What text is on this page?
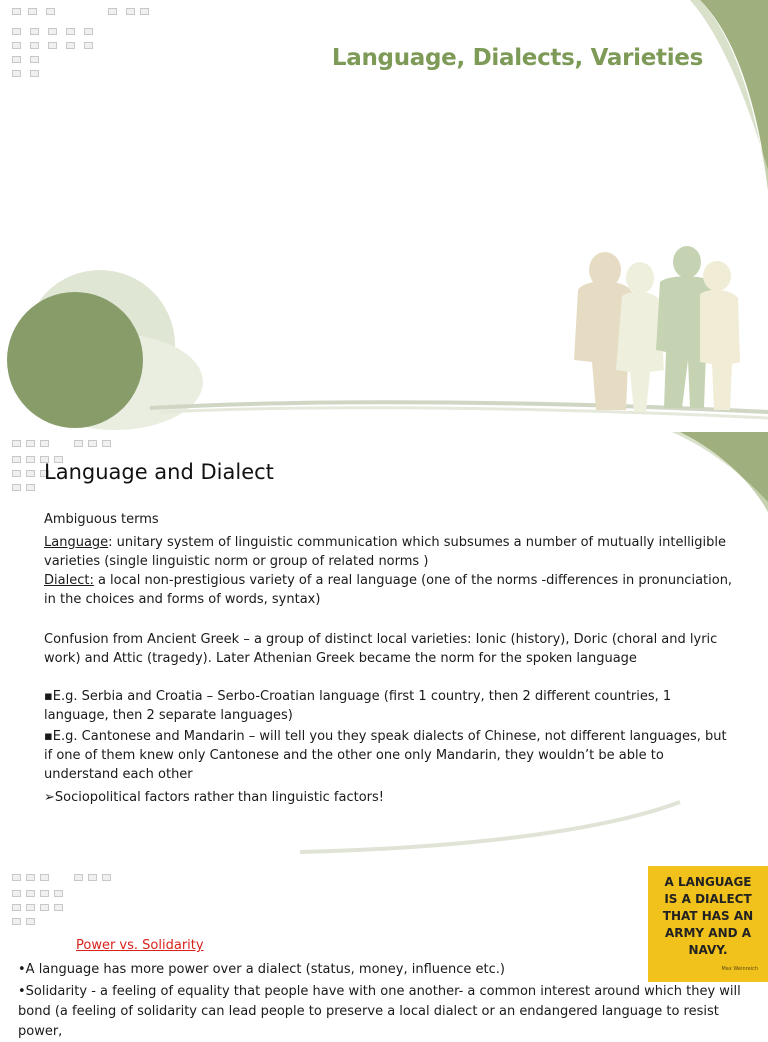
Language, Dialects, Varieties
Language and Dialect

Ambiguous terms

Language: unitary system of linguistic communication which subsumes a number of mutually intelligible varieties (single linguistic norm or group of related norms )

Dialect: a local non-prestigious variety of a real language (one of the norms -differences in pronunciation, in the choices and forms of words, syntax)

Confusion from Ancient Greek – a group of distinct local varieties: Ionic (history), Doric (choral and lyric work) and Attic (tragedy). Later Athenian Greek became the norm for the spoken language

▪E.g. Serbia and Croatia – Serbo-Croatian language (first 1 country, then 2 different countries, 1 language, then 2 separate languages)

▪E.g. Cantonese and Mandarin – will tell you they speak dialects of Chinese, not different languages, but if one of them knew only Cantonese and the other one only Mandarin, they wouldn’t be able to understand each other

➢Sociopolitical factors rather than linguistic factors!

A LANGUAGE IS A DIALECT THAT HAS AN ARMY AND A NAVY.
Max Weinreich
Power vs. Solidarity

•A language has more power over a dialect (status, money, influence etc.)

•Solidarity - a feeling of equality that people have with one another- a common interest around which they will bond (a feeling of solidarity can lead people to preserve a local dialect or an endangered language to resist power,
